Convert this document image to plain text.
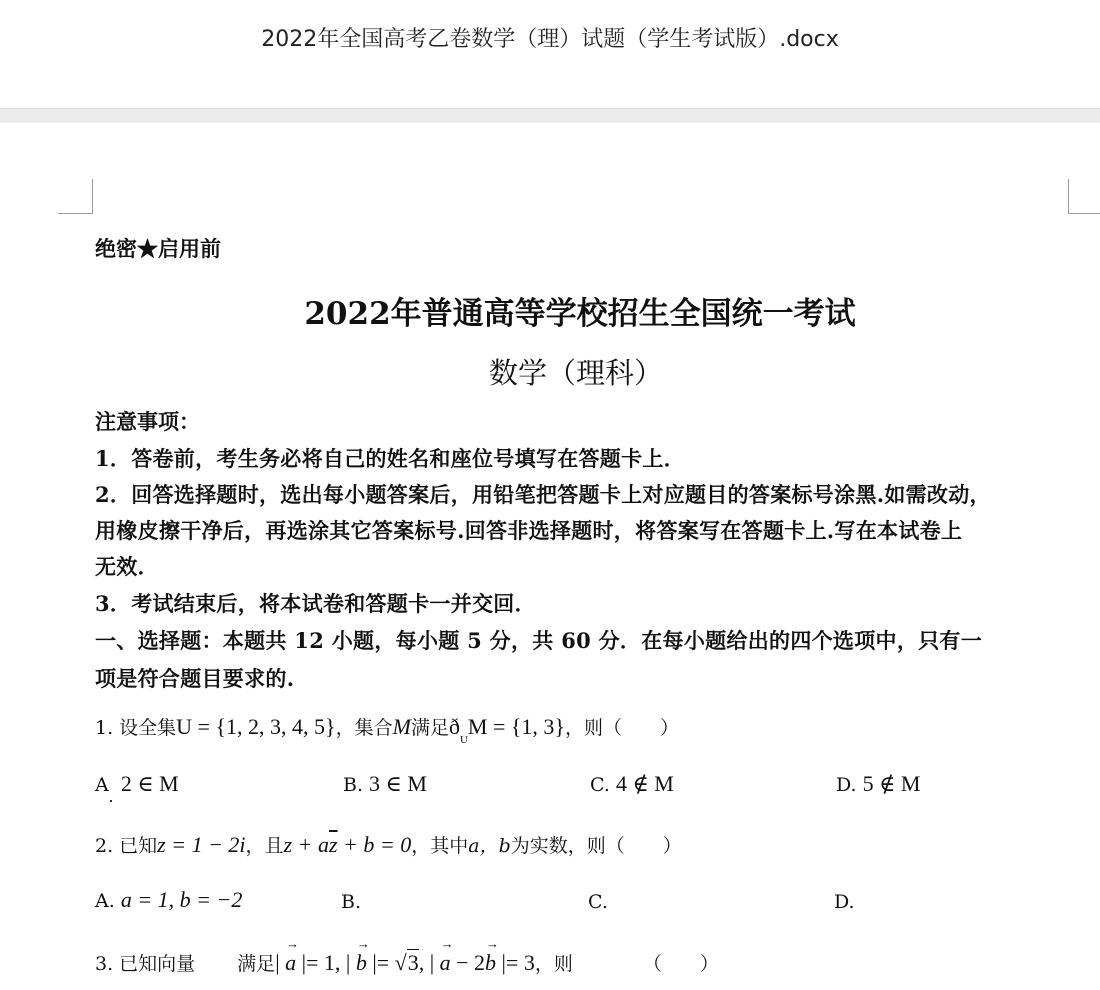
2022年全国高考乙卷数学（理）试题（学生考试版）.docx
绝密★启用前
2022年普通高等学校招生全国统一考试
数学（理科）
注意事项：
1．答卷前，考生务必将自己的姓名和座位号填写在答题卡上．
2．回答选择题时，选出每小题答案后，用铅笔把答题卡上对应题目的答案标号涂黑.如需改动，
用橡皮擦干净后，再选涂其它答案标号.回答非选择题时，将答案写在答题卡上.写在本试卷上
无效．
3．考试结束后，将本试卷和答题卡一并交回．
一、选择题：本题共 12 小题，每小题 5 分，共 60 分．在每小题给出的四个选项中，只有一
项是符合题目要求的.
1. 设全集U = {1, 2, 3, 4, 5}，集合M满足$ð_UM = \{1$, 3}，则（　　）
A 2 ∈ M	B. 3 ∈ M	C. 4 ∉ M	D. 5 ∉ M
2. 已知z = 1 − 2i，且$z + a\overline{z} + b = 0$，其中a，b为实数，则（　　）
A. a = 1, b = −2	B.	C.	D.
3. 已知向量 满足| → a |= 1, | → b |= √3, | → a − 2→ b |= 3，则	（　　）
